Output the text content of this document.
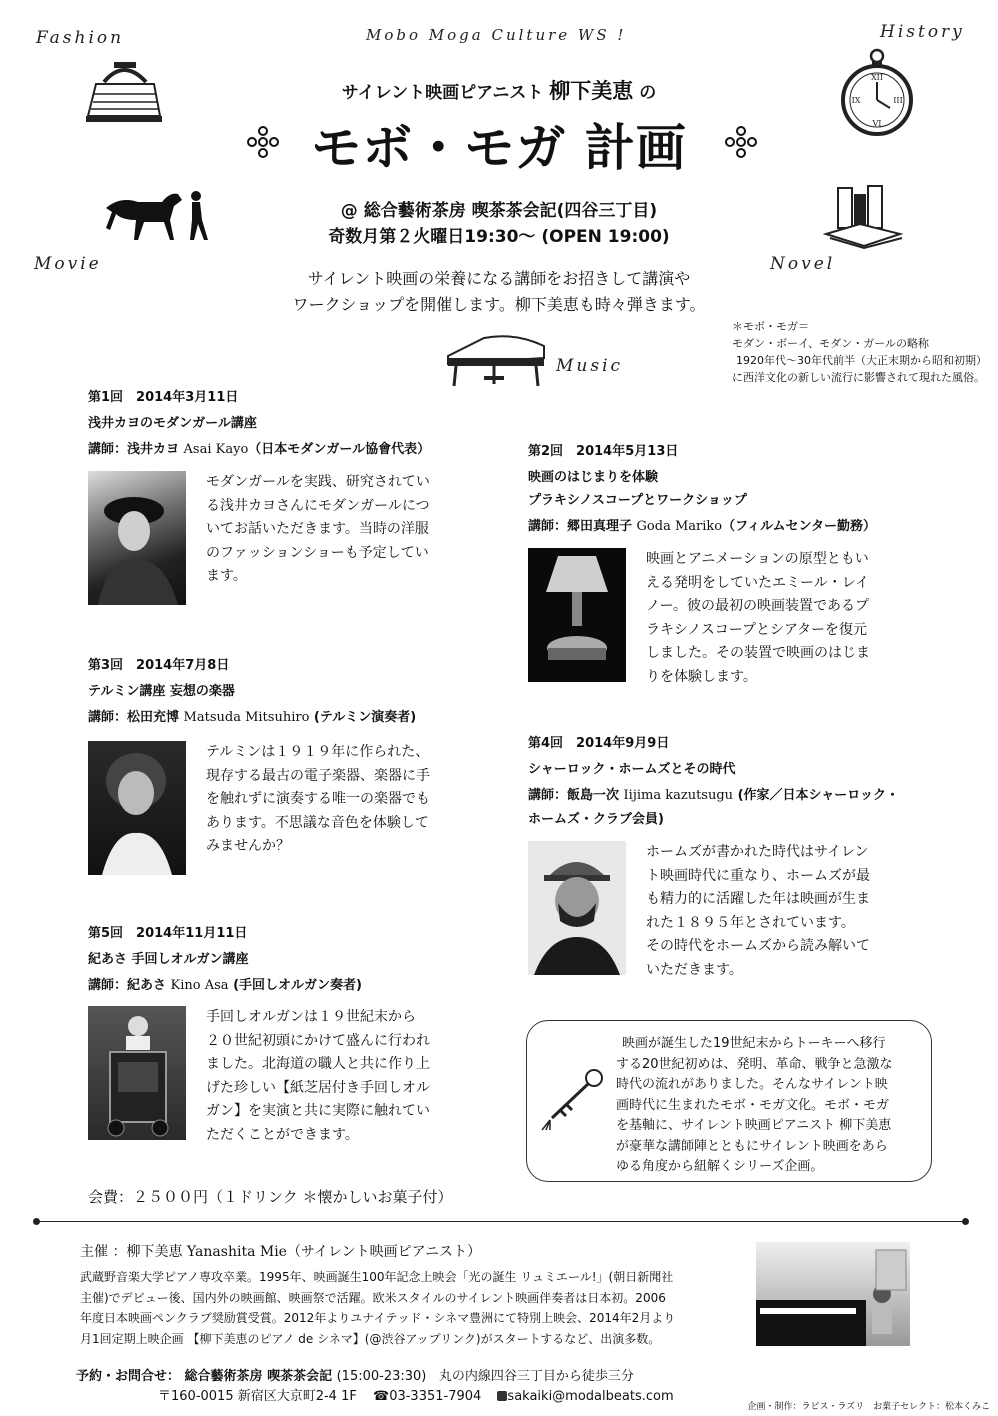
Fashion	Mobo Moga Culture WS !	History
Movie	Novel
Music
XII
III
VI
IX
サイレント映画ピアニスト 柳下美恵 の
モボ・モガ 計画
@ 総合藝術茶房 喫茶茶会記(四谷三丁目)
奇数月第２火曜日19:30〜 (OPEN 19:00)
サイレント映画の栄養になる講師をお招きして講演や
ワークショップを開催します。柳下美恵も時々弾きます。
＊モボ・モガ＝
モダン・ボーイ、モダン・ガールの略称
1920年代〜30年代前半（大正末期から昭和初期）
に西洋文化の新しい流行に影響されて現れた風俗。
第1回　2014年3月11日
浅井カヨのモダンガール講座
講師：浅井カヨ Asai Kayo（日本モダンガール協會代表）
モダンガールを実践、研究されてい
る浅井カヨさんにモダンガールにつ
いてお話いただきます。当時の洋服
のファッションショーも予定してい
ます。
第2回　2014年5月13日
映画のはじまりを体験
プラキシノスコープとワークショップ
講師：郷田真理子 Goda Mariko（フィルムセンター勤務）
映画とアニメーションの原型ともい
える発明をしていたエミール・レイ
ノー。彼の最初の映画装置であるプ
ラキシノスコープとシアターを復元
しました。その装置で映画のはじま
りを体験します。
第3回　2014年7月8日
テルミン講座 妄想の楽器
講師：松田充博 Matsuda Mitsuhiro (テルミン演奏者)
テルミンは１９１９年に作られた、
現存する最古の電子楽器、楽器に手
を触れずに演奏する唯一の楽器でも
あります。不思議な音色を体験して
みませんか？
第4回　2014年9月9日
シャーロック・ホームズとその時代
講師：飯島一次 Iijima kazutsugu (作家／日本シャーロック・
ホームズ・クラブ会員)
ホームズが書かれた時代はサイレン
ト映画時代に重なり、ホームズが最
も精力的に活躍した年は映画が生ま
れた１８９５年とされています。
その時代をホームズから読み解いて
いただきます。
第5回　2014年11月11日
紀あさ 手回しオルガン講座
講師：紀あさ Kino Asa (手回しオルガン奏者)
手回しオルガンは１９世紀末から
２０世紀初頭にかけて盛んに行われ
ました。北海道の職人と共に作り上
げた珍しい【紙芝居付き手回しオル
ガン】を実演と共に実際に触れてい
ただくことができます。
映画が誕生した19世紀末からトーキーへ移行
する20世紀初めは、発明、革命、戦争と急激な
時代の流れがありました。そんなサイレント映
画時代に生まれたモボ・モガ文化。モボ・モガ
を基軸に、サイレント映画ピアニスト 柳下美恵
が豪華な講師陣とともにサイレント映画をあら
ゆる角度から紐解くシリーズ企画。
会費：２５００円（１ドリンク ＊懐かしいお菓子付）
主催 ：柳下美恵 Yanashita Mie（サイレント映画ピアニスト）
武蔵野音楽大学ピアノ専攻卒業。1995年、映画誕生100年記念上映会「光の誕生 リュミエール!」(朝日新聞社
主催)でデビュー後、国内外の映画館、映画祭で活躍。欧米スタイルのサイレント映画伴奏者は日本初。2006
年度日本映画ペンクラブ奨励賞受賞。2012年よりユナイテッド・シネマ豊洲にて特別上映会、2014年2月より
月1回定期上映企画 【柳下美恵のピアノ de シネマ】(@渋谷アップリンク)がスタートするなど、出演多数。
予約・お問合せ： 総合藝術茶房 喫茶茶会記 (15:00-23:30) 丸の内線四谷三丁目から徒歩三分
〒160-0015 新宿区大京町2-4 1F ☎03-3351-7904 sakaiki@modalbeats.com
企画・制作：ラピス・ラズリ　お菓子セレクト：松本くみこ
